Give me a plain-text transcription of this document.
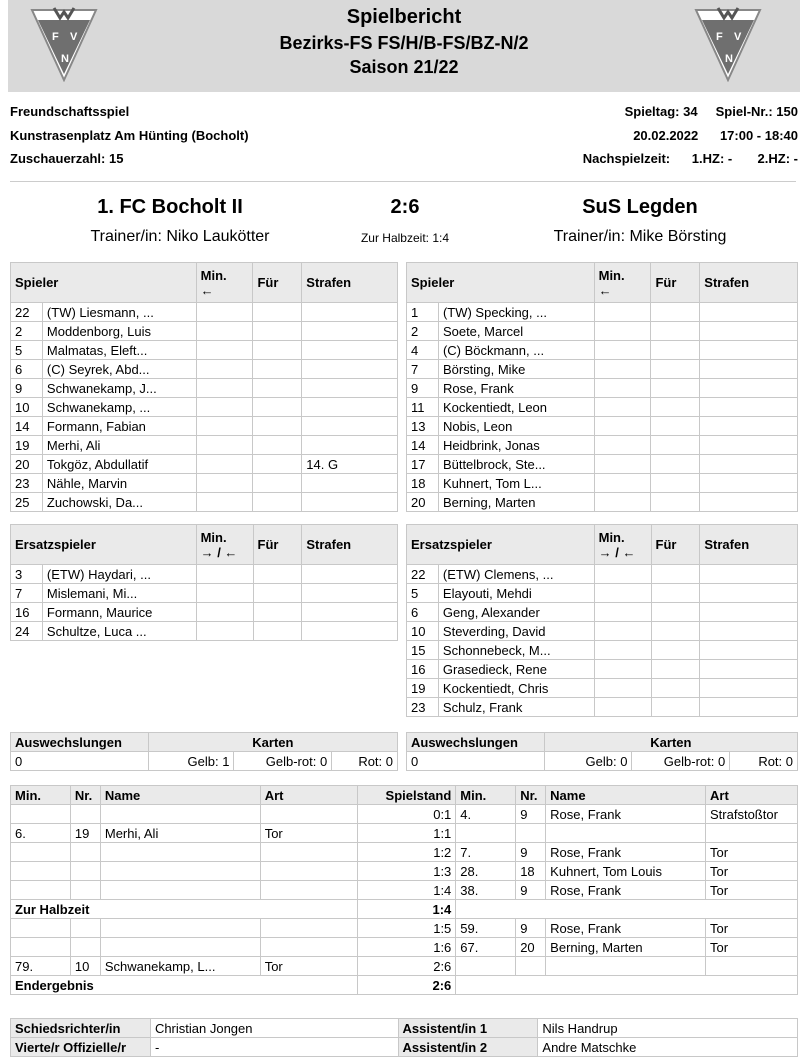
Spielbericht
Bezirks-FS FS/H/B-FS/BZ-N/2
Saison 21/22
F V
N
F V
N
Freundschaftsspiel	Spieltag: 34 Spiel-Nr.: 150
Kunstrasenplatz Am Hünting (Bocholt)	20.02.2022 17:00 - 18:40
Zuschauerzahl: 15	Nachspielzeit: 1.HZ: - 2.HZ: -
1. FC Bocholt II	2:6	SuS Legden
Trainer/in: Niko Laukötter	Zur Halbzeit: 1:4	Trainer/in: Mike Börsting
Spieler		Min.
←	Für	Strafen
22	(TW) Liesmann, ...			
2	Moddenborg, Luis			
5	Malmatas, Eleft...			
6	(C) Seyrek, Abd...			
9	Schwanekamp, J...			
10	Schwanekamp, ...			
14	Formann, Fabian			
19	Merhi, Ali			
20	Tokgöz, Abdullatif			14. G
23	Nähle, Marvin			
25	Zuchowski, Da...			
Spieler		Min.
←	Für	Strafen
1	(TW) Specking, ...			
2	Soete, Marcel			
4	(C) Böckmann, ...			
7	Börsting, Mike			
9	Rose, Frank			
11	Kockentiedt, Leon			
13	Nobis, Leon			
14	Heidbrink, Jonas			
17	Büttelbrock, Ste...			
18	Kuhnert, Tom L...			
20	Berning, Marten			
Ersatzspieler		Min.
→ / ←	Für	Strafen
3	(ETW) Haydari, ...			
7	Mislemani, Mi...			
16	Formann, Maurice			
24	Schultze, Luca ...			
Ersatzspieler		Min.
→ / ←	Für	Strafen
22	(ETW) Clemens, ...			
5	Elayouti, Mehdi			
6	Geng, Alexander			
10	Steverding, David			
15	Schonnebeck, M...			
16	Grasedieck, Rene			
19	Kockentiedt, Chris			
23	Schulz, Frank			
Auswechslungen	Karten		
0	Gelb: 1	Gelb-rot: 0	Rot: 0
Auswechslungen	Karten		
0	Gelb: 0	Gelb-rot: 0	Rot: 0
Min.	Nr.	Name	Art	Spielstand	Min.	Nr.	Name	Art
				0:1	4.	9	Rose, Frank	Strafstoßtor
6.	19	Merhi, Ali	Tor	1:1				
				1:2	7.	9	Rose, Frank	Tor
				1:3	28.	18	Kuhnert, Tom Louis	Tor
				1:4	38.	9	Rose, Frank	Tor
Zur Halbzeit				1:4				
				1:5	59.	9	Rose, Frank	Tor
				1:6	67.	20	Berning, Marten	Tor
79.	10	Schwanekamp, L...	Tor	2:6				
Endergebnis				2:6				
Schiedsrichter/in	Christian Jongen	Assistent/in 1	Nils Handrup
Vierte/r Offizielle/r	-	Assistent/in 2	Andre Matschke
